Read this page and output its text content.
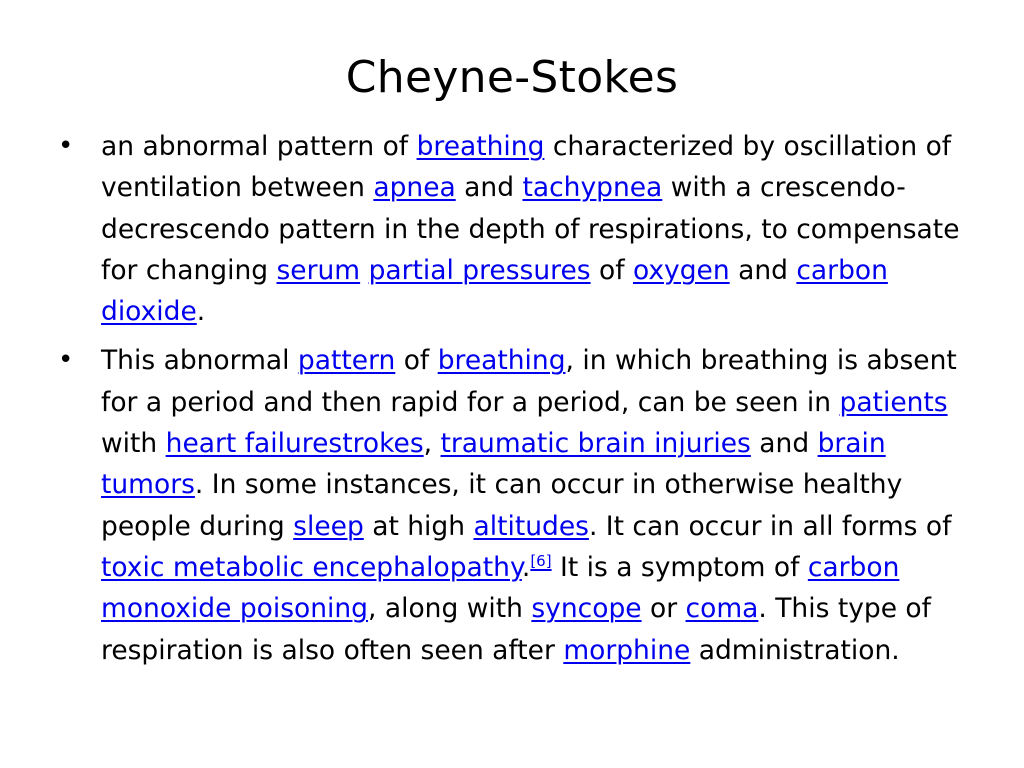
Cheyne-Stokes

• an abnormal pattern of breathing characterized by oscillation of ventilation between apnea and tachypnea with a crescendo-decrescendo pattern in the depth of respirations, to compensate for changing serum partial pressures of oxygen and carbon dioxide.

• This abnormal pattern of breathing, in which breathing is absent for a period and then rapid for a period, can be seen in patients with heart failurestrokes, traumatic brain injuries and brain tumors. In some instances, it can occur in otherwise healthy people during sleep at high altitudes. It can occur in all forms of toxic metabolic encephalopathy.[6] It is a symptom of carbon monoxide poisoning, along with syncope or coma. This type of respiration is also often seen after morphine administration.
